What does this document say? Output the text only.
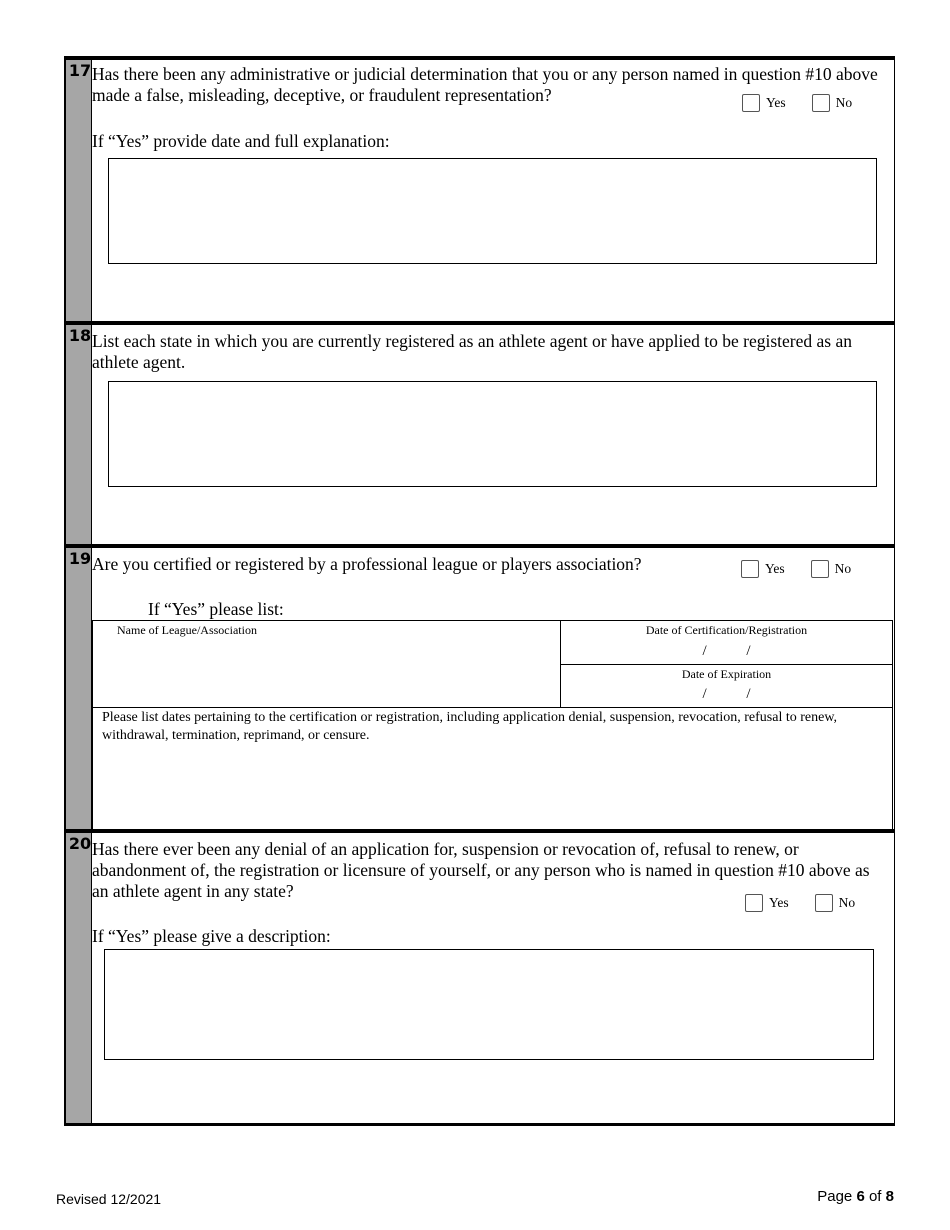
17 Has there been any administrative or judicial determination that you or any person named in question #10 above made a false, misleading, deceptive, or fraudulent representation?	Yes	No
If “Yes” provide date and full explanation:
18 List each state in which you are currently registered as an athlete agent or have applied to be registered as an athlete agent.
19 Are you certified or registered by a professional league or players association?	Yes	No
If “Yes” please list:
Name of League/Association	Date of Certification/Registration
/ /
Date of Expiration
/ /
Please list dates pertaining to the certification or registration, including application denial, suspension, revocation, refusal to renew, withdrawal, termination, reprimand, or censure.
20 Has there ever been any denial of an application for, suspension or revocation of, refusal to renew, or abandonment of, the registration or licensure of yourself, or any person who is named in question #10 above as an athlete agent in any state?
Yes	No
If “Yes” please give a description:
Revised 12/2021	Page 6 of 8
